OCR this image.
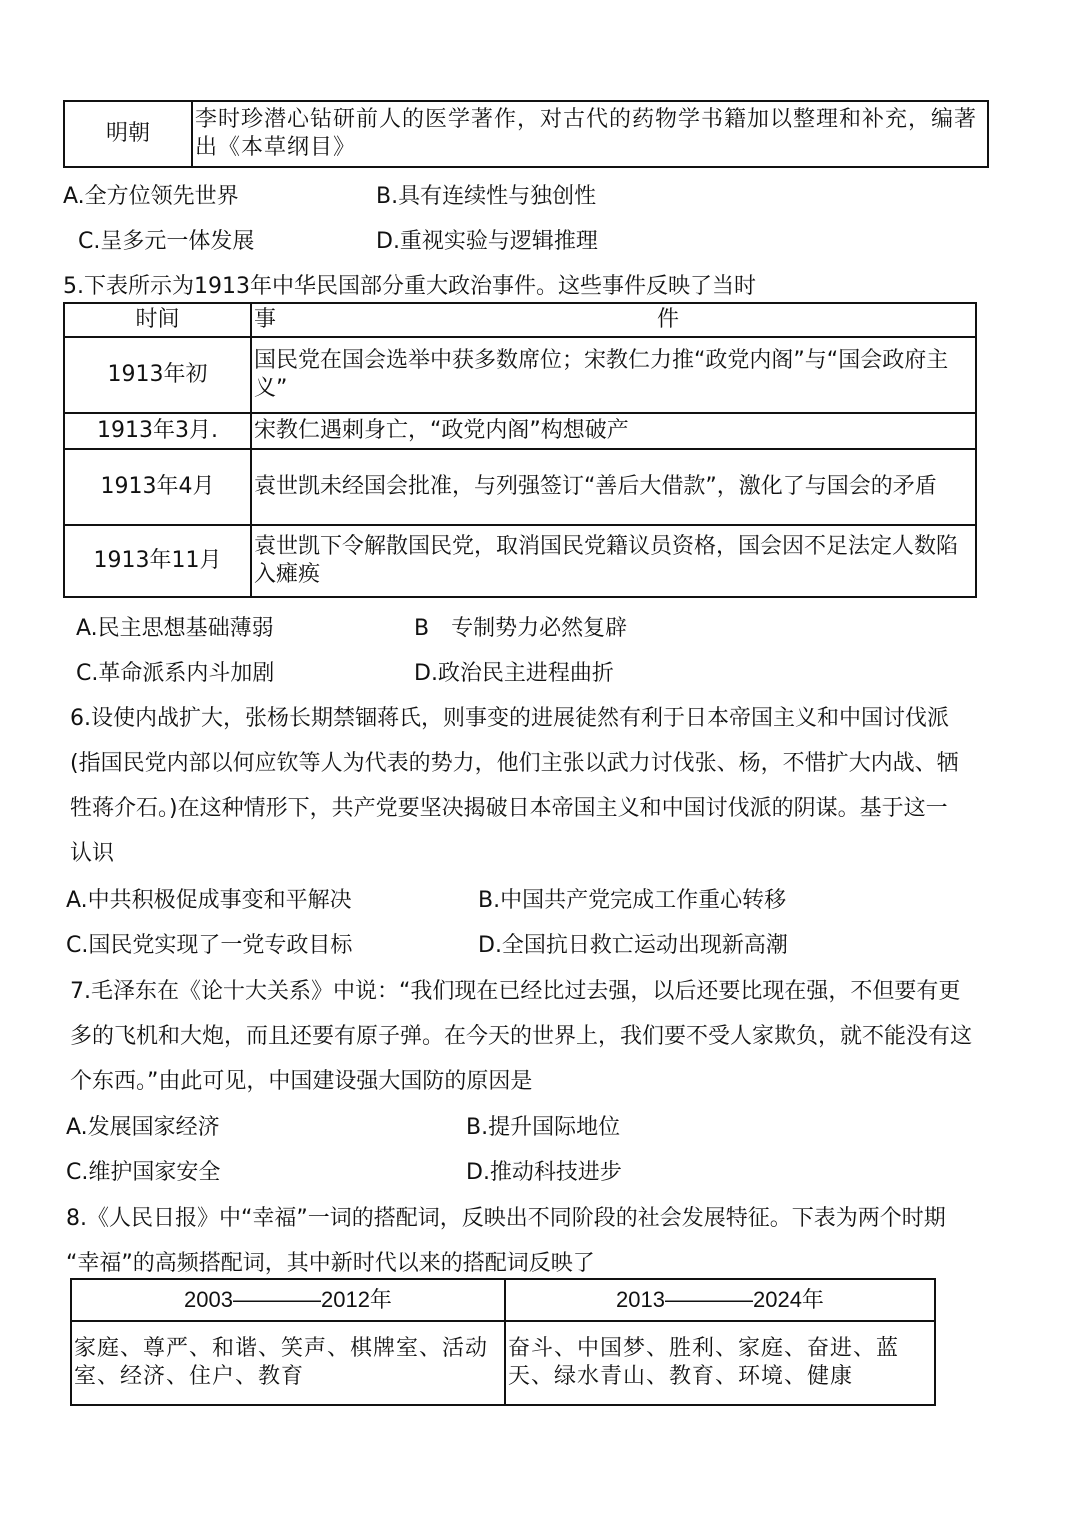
明朝	李时珍潜心钻研前人的医学著作，对古代的药物学书籍加以整理和补充，编著出《本草纲目》
A.全方位领先世界	B.具有连续性与独创性
C.呈多元一体发展	D.重视实验与逻辑推理
5.下表所示为1913年中华民国部分重大政治事件。这些事件反映了当时
时间	事 件

1913年初	国民党在国会选举中获多数席位；宋教仁力推“政党内阁”与“国会政府主义”
1913年3月.	宋教仁遇刺身亡，“政党内阁”构想破产
1913年4月	袁世凯未经国会批准，与列强签订“善后大借款”，激化了与国会的矛盾
1913年11月	袁世凯下令解散国民党，取消国民党籍议员资格，国会因不足法定人数陷入瘫痪
A.民主思想基础薄弱	B　专制势力必然复辟
C.革命派系内斗加剧	D.政治民主进程曲折
6.设使内战扩大，张杨长期禁锢蒋氏，则事变的进展徒然有利于日本帝国主义和中国讨伐派
(指国民党内部以何应钦等人为代表的势力，他们主张以武力讨伐张、杨，不惜扩大内战、牺
牲蒋介石。)在这种情形下，共产党要坚决揭破日本帝国主义和中国讨伐派的阴谋。基于这一
认识
A.中共积极促成事变和平解决	B.中国共产党完成工作重心转移
C.国民党实现了一党专政目标	D.全国抗日救亡运动出现新高潮
7.毛泽东在《论十大关系》中说：“我们现在已经比过去强，以后还要比现在强，不但要有更
多的飞机和大炮，而且还要有原子弹。在今天的世界上，我们要不受人家欺负，就不能没有这
个东西。”由此可见，中国建设强大国防的原因是
A.发展国家经济	B.提升国际地位
C.维护国家安全	D.推动科技进步
8.《人民日报》中“幸福”一词的搭配词，反映出不同阶段的社会发展特征。下表为两个时期
“幸福”的高频搭配词，其中新时代以来的搭配词反映了
2003————2012年	2013————2024年
家庭、尊严、和谐、笑声、棋牌室、活动室、经济、住户、教育	奋斗、中国梦、胜利、家庭、奋进、蓝天、绿水青山、教育、环境、健康
